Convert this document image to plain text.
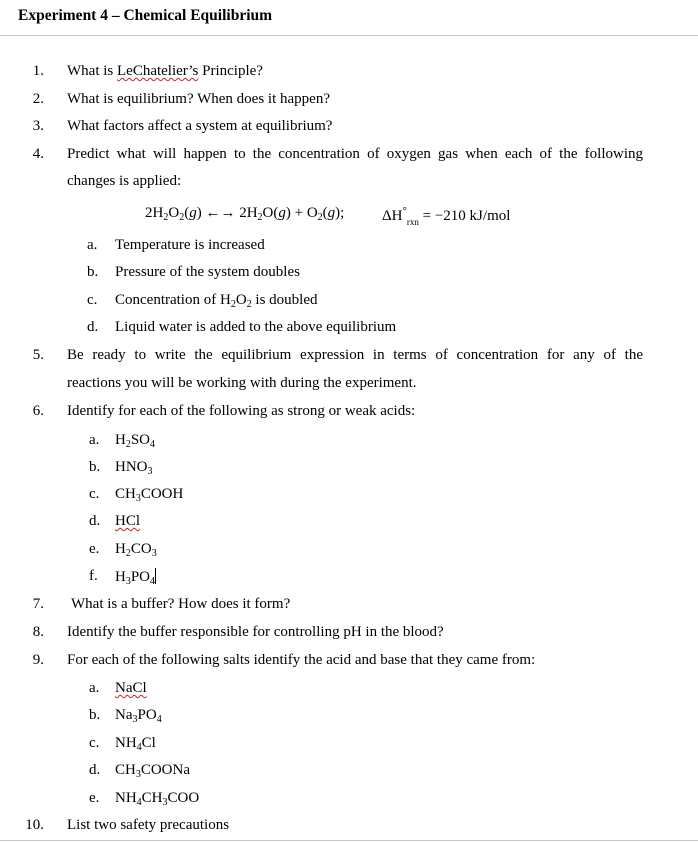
Experiment 4 – Chemical Equilibrium
1. What is LeChatelier’s Principle?
2. What is equilibrium? When does it happen?
3. What factors affect a system at equilibrium?
4. Predict what will happen to the concentration of oxygen gas when each of the following
changes is applied:
$2H_2O_2(g)$ ←→ $2H_2O(g) + O_2(g)$;	$\Delta H^\circ_{rxn} = -210$ kJ/mol
a. Temperature is increased
b. Pressure of the system doubles
c. Concentration of $H_2O_2$ is doubled
d. Liquid water is added to the above equilibrium
5. Be ready to write the equilibrium expression in terms of concentration for any of the
reactions you will be working with during the experiment.
6. Identify for each of the following as strong or weak acids:
a. $H_2SO_4$
b. $HNO_3$
c. $CH_3COOH$
d. HCl
e. $H_2CO_3$
f. $H_3PO_4$
7. What is a buffer? How does it form?
8. Identify the buffer responsible for controlling pH in the blood?
9. For each of the following salts identify the acid and base that they came from:
a. NaCl
b. $Na_3PO_4$
c. $NH_4Cl$
d. $CH_3COONa$
e. $NH_4CH_3COO$
10. List two safety precautions
